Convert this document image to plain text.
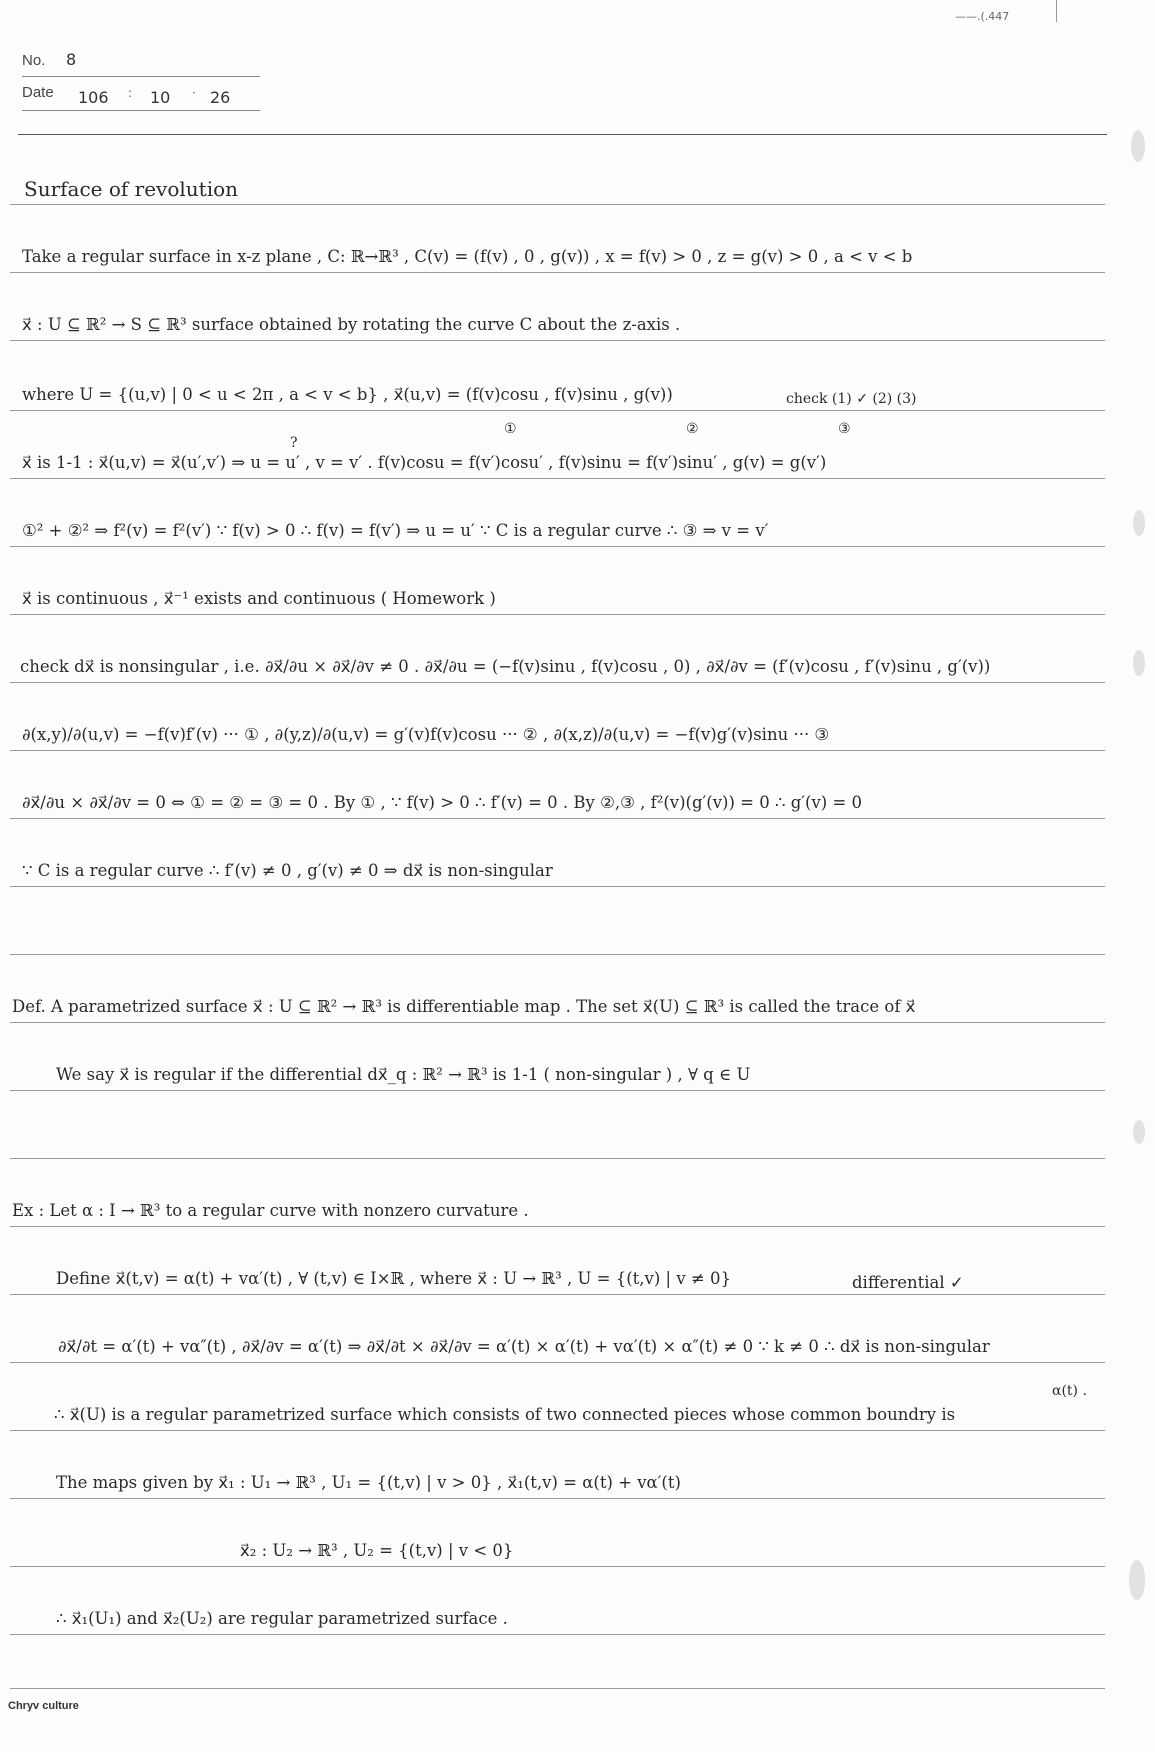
——.(.447
No. 8
Date 106 : 10 · 26
Surface of revolution
Take a regular surface in x-z plane , C: ℝ→ℝ³ , C(v) = (f(v) , 0 , g(v)) , x = f(v) > 0 , z = g(v) > 0 , a < v < b
x⃗ : U ⊆ ℝ² → S ⊆ ℝ³ surface obtained by rotating the curve C about the z-axis .
where U = {(u,v) | 0 < u < 2π , a < v < b} , x⃗(u,v) = (f(v)cosu , f(v)sinu , g(v))	check (1) ✓ (2) (3)
①	②	③
x⃗ is 1-1 : x⃗(u,v) = x⃗(u′,v′) ⇒ u = u′ , v = v′ . f(v)cosu = f(v′)cosu′ , f(v)sinu = f(v′)sinu′ , g(v) = g(v′)
?
①² + ②² ⇒ f²(v) = f²(v′) ∵ f(v) > 0 ∴ f(v) = f(v′) ⇒ u = u′ ∵ C is a regular curve ∴ ③ ⇒ v = v′
x⃗ is continuous , x⃗⁻¹ exists and continuous ( Homework )
check dx⃗ is nonsingular , i.e. ∂x⃗/∂u × ∂x⃗/∂v ≠ 0 . ∂x⃗/∂u = (−f(v)sinu , f(v)cosu , 0) , ∂x⃗/∂v = (f′(v)cosu , f′(v)sinu , g′(v))
∂(x,y)/∂(u,v) = −f(v)f′(v) ··· ① , ∂(y,z)/∂(u,v) = g′(v)f(v)cosu ··· ② , ∂(x,z)/∂(u,v) = −f(v)g′(v)sinu ··· ③
∂x⃗/∂u × ∂x⃗/∂v = 0 ⇔ ① = ② = ③ = 0 . By ① , ∵ f(v) > 0 ∴ f′(v) = 0 . By ②,③ , f²(v)(g′(v)) = 0 ∴ g′(v) = 0
∵ C is a regular curve ∴ f′(v) ≠ 0 , g′(v) ≠ 0 ⇒ dx⃗ is non-singular
Def. A parametrized surface x⃗ : U ⊆ ℝ² → ℝ³ is differentiable map . The set x⃗(U) ⊆ ℝ³ is called the trace of x⃗
We say x⃗ is regular if the differential dx⃗_q : ℝ² → ℝ³ is 1-1 ( non-singular ) , ∀ q ∈ U
Ex : Let α : I → ℝ³ to a regular curve with nonzero curvature .
Define x⃗(t,v) = α(t) + vα′(t) , ∀ (t,v) ∈ I×ℝ , where x⃗ : U → ℝ³ , U = {(t,v) | v ≠ 0}	differential ✓
∂x⃗/∂t = α′(t) + vα″(t) , ∂x⃗/∂v = α′(t) ⇒ ∂x⃗/∂t × ∂x⃗/∂v = α′(t) × α′(t) + vα′(t) × α″(t) ≠ 0 ∵ k ≠ 0 ∴ dx⃗ is non-singular
α(t) .
∴ x⃗(U) is a regular parametrized surface which consists of two connected pieces whose common boundry is
The maps given by x⃗₁ : U₁ → ℝ³ , U₁ = {(t,v) | v > 0} , x⃗₁(t,v) = α(t) + vα′(t)
x⃗₂ : U₂ → ℝ³ , U₂ = {(t,v) | v < 0}
∴ x⃗₁(U₁) and x⃗₂(U₂) are regular parametrized surface .
Chryv culture
